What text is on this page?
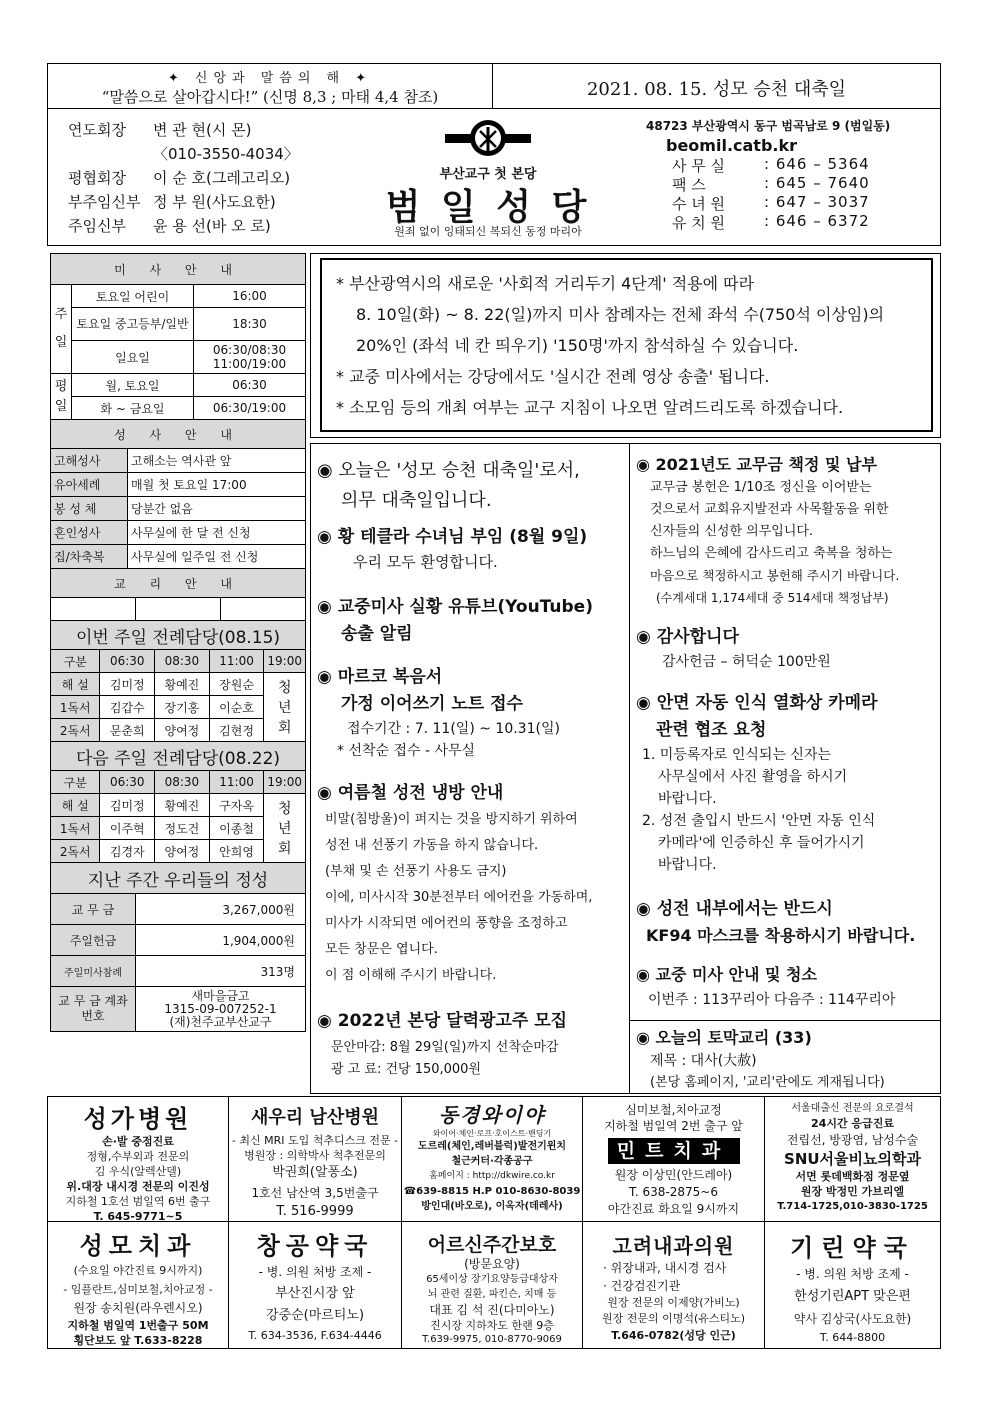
✦ 신앙과 말씀의 해 ✦
“말씀으로 살아갑시다!” (신명 8,3 ; 마태 4,4 참조)	2021. 08. 15. 성모 승천 대축일
연도회장	변 관 현(시 몬)
〈010-3550-4034〉
평협회장	이 순 호(그레고리오)
부주임신부 정 부 원(사도요한)
주임신부	윤 용 선(바 오 로)
부산교구 첫 본당
범 일 성 당
원죄 없이 잉태되신 복되신 동정 마리아
48723 부산광역시 동구 범곡남로 9 (범일동)
beomil.catb.kr
사 무 실	: 646 – 5364
팩 스	: 645 – 7640
수 녀 원	: 647 – 3037
유 치 원	: 646 – 6372
미 사 안 내		
주일	토요일 어린이	16:00
	토요일 중고등부/일반	18:30
	일요일	06:30/08:30 11:00/19:00
평일	월, 토요일	06:30
	화 ~ 금요일	06:30/19:00
성 사 안 내	
고해성사	고해소는 역사관 앞
유아세례	매월 첫 토요일 17:00
봉 성 체	당분간 없음
혼인성사	사무실에 한 달 전 신청
집/차축복	사무실에 일주일 전 신청
교 리 안 내

이번 주일 전례담당(08.15)				
구분	06:30	08:30	11:00	19:00
해 설	김미정	황예진	장원순	청년회
1독서	김갑수	장기홍	이순호	
2독서	문춘희	양여정	김현정	
다음 주일 전례담당(08.22)				
구분	06:30	08:30	11:00	19:00
해 설	김미정	황예진	구자옥	청년회
1독서	이주혁	정도건	이종철	
2독서	김경자	양여정	안희영	
지난 주간 우리들의 정성	
교 무 금	3,267,000원
주일헌금	1,904,000원
주일미사참례	313명
교 무 금 계좌번호	새마을금고
1315-09-007252-1
(재)천주교부산교구

* 부산광역시의 새로운 '사회적 거리두기 4단계' 적용에 따라

8. 10일(화) ~ 8. 22(일)까지 미사 참례자는 전체 좌석 수(750석 이상임)의

20%인 (좌석 네 칸 띄우기) '150명'까지 참석하실 수 있습니다.

* 교중 미사에서는 강당에서도 '실시간 전례 영상 송출' 됩니다.

* 소모임 등의 개최 여부는 교구 지침이 나오면 알려드리도록 하겠습니다.

◉ 오늘은 '성모 승천 대축일'로서,
의무 대축일입니다.
◉ 황 테클라 수녀님 부임 (8월 9일)
우리 모두 환영합니다.
◉ 교중미사 실황 유튜브(YouTube)
송출 알림
◉ 마르코 복음서
가정 이어쓰기 노트 접수
접수기간 : 7. 11(일) ~ 10.31(일)
* 선착순 접수 - 사무실
◉ 여름철 성전 냉방 안내
비말(침방울)이 퍼지는 것을 방지하기 위하여
성전 내 선풍기 가동을 하지 않습니다.
(부채 및 손 선풍기 사용도 금지)
이에, 미사시작 30분전부터 에어컨을 가동하며,
미사가 시작되면 에어컨의 풍향을 조정하고
모든 창문은 엽니다.
이 점 이해해 주시기 바랍니다.
◉ 2022년 본당 달력광고주 모집
문안마감: 8월 29일(일)까지 선착순마감
광 고 료: 건당 150,000원
◉ 2021년도 교무금 책정 및 납부
교무금 봉헌은 1/10조 정신을 이어받는
것으로서 교회유지발전과 사목활동을 위한
신자들의 신성한 의무입니다.
하느님의 은혜에 감사드리고 축복을 청하는
마음으로 책정하시고 봉헌해 주시기 바랍니다.
(수계세대 1,174세대 중 514세대 책정납부)
◉ 감사합니다
감사헌금 – 허덕순 100만원
◉ 안면 자동 인식 열화상 카메라
관련 협조 요청
1. 미등록자로 인식되는 신자는
사무실에서 사진 촬영을 하시기
바랍니다.
2. 성전 출입시 반드시 '안면 자동 인식
카메라'에 인증하신 후 들어가시기
바랍니다.
◉ 성전 내부에서는 반드시
KF94 마스크를 착용하시기 바랍니다.
◉ 교중 미사 안내 및 청소
이번주 : 113꾸리아 다음주 : 114꾸리아
◉ 오늘의 토막교리 (33)
제목 : 대사(大赦)
(본당 홈페이지, '교리'란에도 게재됩니다)
성가병원
손·발 중점진료
정형,수부외과 전문의
김 우식(알렉산델)
위.대장 내시경 전문의 이진성
지하철 1호선 범일역 6번 출구
T. 645-9771~5
새우리 남산병원
- 최신 MRI 도입 척추디스크 전문 -
병원장 : 의학박사 척추전문의
박권희(알퐁소)
1호선 남산역 3,5번출구
T. 516-9999
동경와이야
와이어·체인·로프·호이스트·밴딩기
도르레(체인,레버블럭)발전기윈치
철근커터·각종공구
홈페이지 : http://dkwire.co.kr
☎639-8815 H.P 010-8630-8039
방인대(바오로), 이옥자(데레사)
심미보철,치아교정
지하철 범일역 2번 출구 앞
민트치과
원장 이상민(안드레아)
T. 638-2875~6
야간진료 화요일 9시까지
서울대출신 전문의 요로결석
24시간 응급진료
전립선, 방광염, 남성수술
SNU서울비뇨의학과
서면 롯데백화점 정문옆
원장 박정민 가브리엘
T.714-1725,010-3830-1725
성모치과
(수요일 야간진료 9시까지)
- 임플란트,심미보철,치아교정 -
원장 송치원(라우렌시오)
지하철 범일역 1번출구 50M
횡단보도 앞 T.633-8228
창공약국
- 병. 의원 처방 조제 -
부산진시장 앞
강중순(마르티노)
T. 634-3536, F.634-4446
어르신주간보호
(방문요양)
65세이상 장기요양등급대상자
뇌 관련 질환, 파킨슨, 치매 등
대표 김 석 진(다미아노)
진시장 지하차도 한랜 9층
T.639-9975, 010-8770-9069
고려내과의원
· 위장내과, 내시경 검사
· 건강검진기관
원장 전문의 이제양(가비노)
원장 전문의 이명석(유스티노)
T.646-0782(성당 인근)
기린약국
- 병. 의원 처방 조제 -
한성기린APT 맞은편
약사 김상국(사도요한)
T. 644-8800
